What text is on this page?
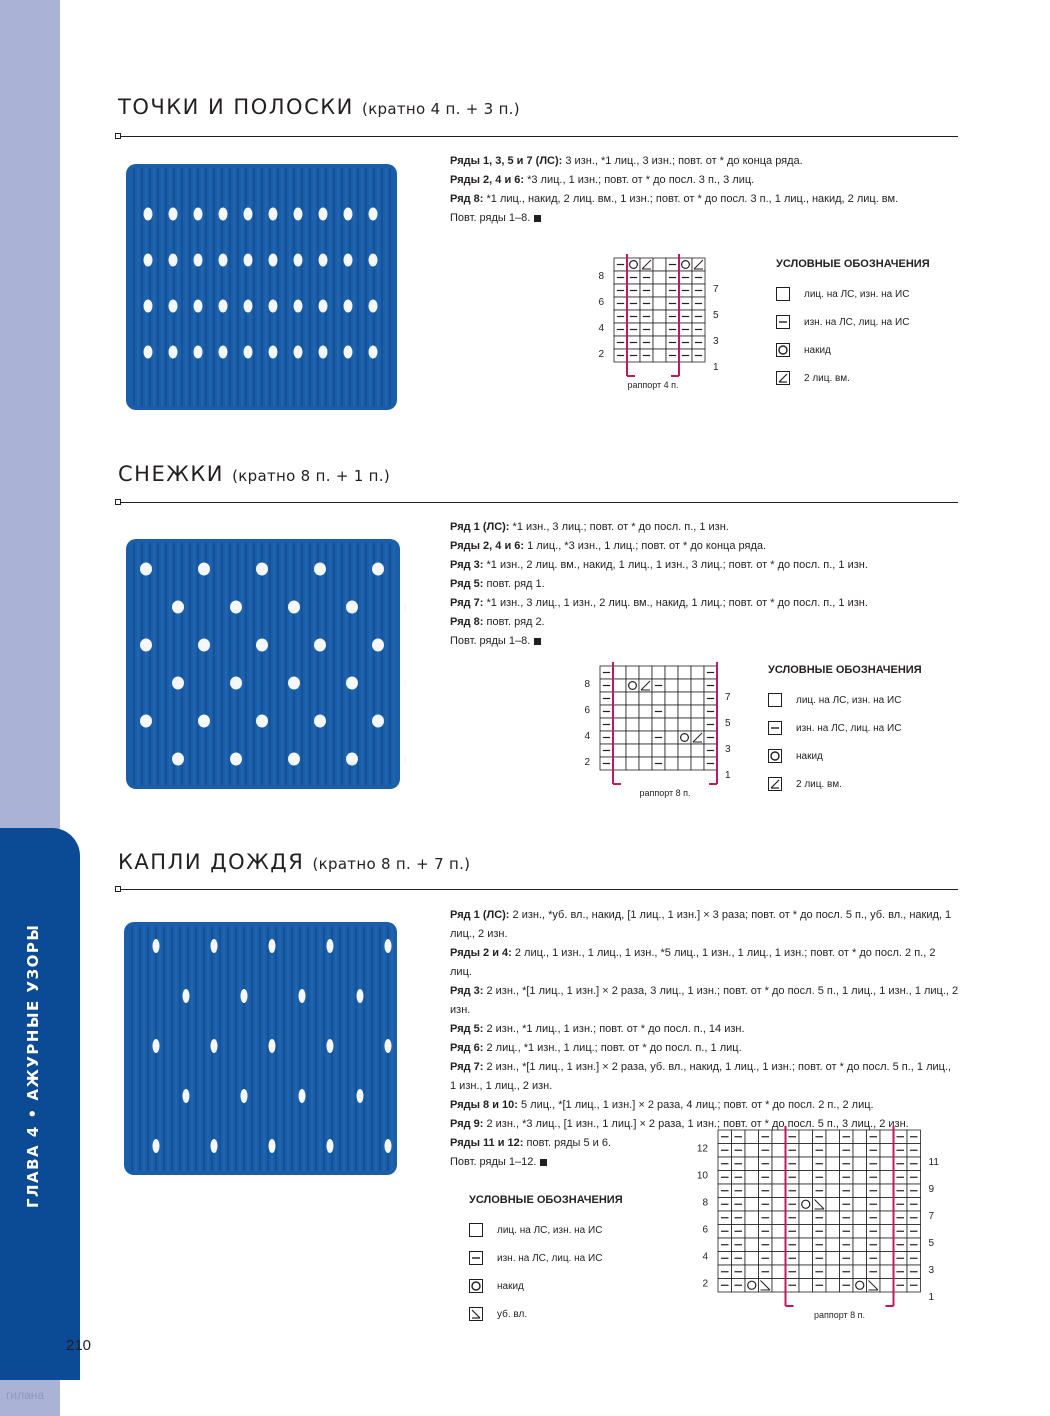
ГЛАВА 4 • АЖУРНЫЕ УЗОРЫ
210
гилана
ТОЧКИ И ПОЛОСКИ (кратно 4 п. + 3 п.)

Ряды 1, 3, 5 и 7 (ЛС): 3 изн., *1 лиц., 3 изн.; повт. от * до конца ряда.

Ряды 2, 4 и 6: *3 лиц., 1 изн.; повт. от * до посл. 3 п., 3 лиц.

Ряд 8: *1 лиц., накид, 2 лиц. вм., 1 изн.; повт. от * до посл. 3 п., 1 лиц., накид, 2 лиц. вм.

Повт. ряды 1–8.

раппорт 4 п.
8
6
4
2
7
5
3
1
УСЛОВНЫЕ ОБОЗНАЧЕНИЯ
лиц. на ЛС, изн. на ИС
изн. на ЛС, лиц. на ИС
накид
2 лиц. вм.
СНЕЖКИ (кратно 8 п. + 1 п.)

Ряд 1 (ЛС): *1 изн., 3 лиц.; повт. от * до посл. п., 1 изн.

Ряды 2, 4 и 6: 1 лиц., *3 изн., 1 лиц.; повт. от * до конца ряда.

Ряд 3: *1 изн., 2 лиц. вм., накид, 1 лиц., 1 изн., 3 лиц.; повт. от * до посл. п., 1 изн.

Ряд 5: повт. ряд 1.

Ряд 7: *1 изн., 3 лиц., 1 изн., 2 лиц. вм., накид, 1 лиц.; повт. от * до посл. п., 1 изн.

Ряд 8: повт. ряд 2.

Повт. ряды 1–8.

раппорт 8 п.
8
6
4
2
7
5
3
1
УСЛОВНЫЕ ОБОЗНАЧЕНИЯ
лиц. на ЛС, изн. на ИС
изн. на ЛС, лиц. на ИС
накид
2 лиц. вм.
КАПЛИ ДОЖДЯ (кратно 8 п. + 7 п.)

Ряд 1 (ЛС): 2 изн., *уб. вл., накид, [1 лиц., 1 изн.] × 3 раза; повт. от * до посл. 5 п., уб. вл., накид, 1 лиц., 2 изн.

Ряды 2 и 4: 2 лиц., 1 изн., 1 лиц., 1 изн., *5 лиц., 1 изн., 1 лиц., 1 изн.; повт. от * до посл. 2 п., 2 лиц.

Ряд 3: 2 изн., *[1 лиц., 1 изн.] × 2 раза, 3 лиц., 1 изн.; повт. от * до посл. 5 п., 1 лиц., 1 изн., 1 лиц., 2 изн.

Ряд 5: 2 изн., *1 лиц., 1 изн.; повт. от * до посл. п., 14 изн.

Ряд 6: 2 лиц., *1 изн., 1 лиц.; повт. от * до посл. п., 1 лиц.

Ряд 7: 2 изн., *[1 лиц., 1 изн.] × 2 раза, уб. вл., накид, 1 лиц., 1 изн.; повт. от * до посл. 5 п., 1 лиц., 1 изн., 1 лиц., 2 изн.

Ряды 8 и 10: 5 лиц., *[1 лиц., 1 изн.] × 2 раза, 4 лиц.; повт. от * до посл. 2 п., 2 лиц.

Ряд 9: 2 изн., *3 лиц., [1 изн., 1 лиц.] × 2 раза, 1 изн.; повт. от * до посл. 5 п., 3 лиц., 2 изн.

Ряды 11 и 12: повт. ряды 5 и 6.

Повт. ряды 1–12.

раппорт 8 п.
12
10
8
6
4
2
11
9
7
5
3
1
УСЛОВНЫЕ ОБОЗНАЧЕНИЯ
лиц. на ЛС, изн. на ИС
изн. на ЛС, лиц. на ИС
накид
уб. вл.
